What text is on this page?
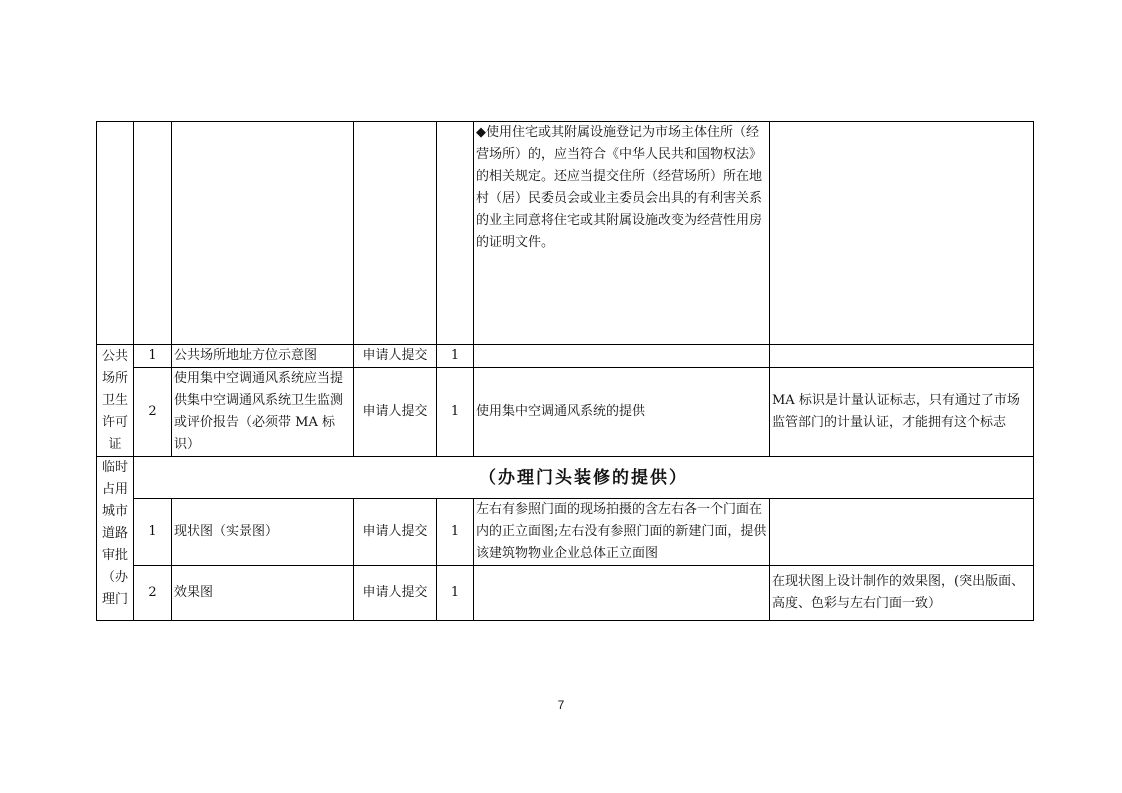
					◆使用住宅或其附属设施登记为市场主体住所（经营场所）的，应当符合《中华人民共和国物权法》的相关规定。还应当提交住所（经营场所）所在地村（居）民委员会或业主委员会出具的有利害关系的业主同意将住宅或其附属设施改变为经营性用房的证明文件。	
公共场所卫生许可证	1	公共场所地址方位示意图	申请人提交	1		
	2	使用集中空调通风系统应当提供集中空调通风系统卫生监测或评价报告（必须带 MA 标识）	申请人提交	1	使用集中空调通风系统的提供	MA 标识是计量认证标志，只有通过了市场监管部门的计量认证，才能拥有这个标志
临时占用城市道路审批（办理门	（办理门头装修的提供）					
	1	现状图（实景图）	申请人提交	1	左右有参照门面的现场拍摄的含左右各一个门面在内的正立面图;左右没有参照门面的新建门面，提供该建筑物物业企业总体正立面图	
	2	效果图	申请人提交	1		在现状图上设计制作的效果图，(突出版面、高度、色彩与左右门面一致）
7
